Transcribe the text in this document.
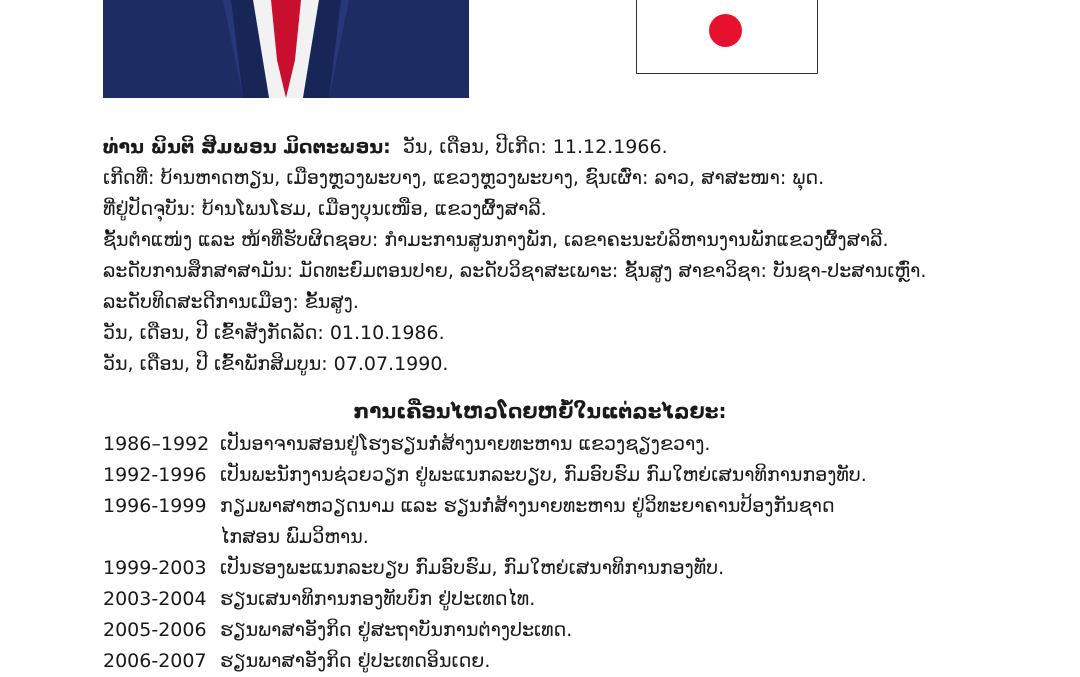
ທ່ານ ພິນຕິ ສິມພອນ ມິດຕະພອນ: ວັນ, ເດືອນ, ປີເກີດ: 11.12.1966.
ເກີດທີ່: ບ້ານຫາດຫຽນ, ເມືອງຫຼວງພະບາງ, ແຂວງຫຼວງພະບາງ, ຊົນເຜົ່າ: ລາວ, ສາສະໜາ: ພຸດ.
ທີ່ຢູ່ປັດຈຸບັນ: ບ້ານໂພນໂຮມ, ເມືອງບຸນເໜືອ, ແຂວງຜົ້ງສາລີ.
ຊັ້ນຕຳແໜ່ງ ແລະ ໜ້າທີ່ຮັບຜິດຊອບ: ກຳມະການສູນກາງພັກ, ເລຂາຄະນະບໍລິຫານງານພັກແຂວງຜົ້ງສາລີ.
ລະດັບການສຶກສາສາມັນ: ມັດທະຍົມຕອນປາຍ, ລະດັບວິຊາສະເພາະ: ຊັ້ນສູງ ສາຂາວິຊາ: ບັນຊາ-ປະສານເຫຼົ່າ.
ລະດັບທິດສະດີການເມືອງ: ຂັ້ນສູງ.
ວັນ, ເດືອນ, ປີ ເຂົ້າສັງກັດລັດ: 01.10.1986.
ວັນ, ເດືອນ, ປີ ເຂົ້າພັກສິມບູນ: 07.07.1990.
ການເຄື່ອນໄຫວໂດຍຫຍໍ້ໃນແຕ່ລະໄລຍະ:
1986–1992 ເປັນອາຈານສອນຢູ່ໂຮງຮຽນກໍ່ສ້າງນາຍທະຫານ ແຂວງຊຽງຂວາງ.
1992-1996 ເປັນພະນັກງານຊ່ວຍວຽກ ຢູ່ພະແນກລະບຽບ, ກົມອົບຮົມ ກົມໃຫຍ່ເສນາທິການກອງທັບ.
1996-1999 ກຽມພາສາຫວຽດນາມ ແລະ ຮຽນກໍ່ສ້າງນາຍທະຫານ ຢູ່ວິທະຍາຄານປ້ອງກັນຊາດ ໄກສອນ ພົມວິຫານ.
1999-2003 ເປັນຮອງພະແນກລະບຽບ ກົມອົບຮົມ, ກົມໃຫຍ່ເສນາທິການກອງທັບ.
2003-2004 ຮຽນເສນາທິການກອງທັບບົກ ຢູ່ປະເທດໄທ.
2005-2006 ຮຽນພາສາອັງກິດ ຢູ່ສະຖາບັນການຕ່າງປະເທດ.
2006-2007 ຮຽນພາສາອັງກິດ ຢູ່ປະເທດອິນເດຍ.
